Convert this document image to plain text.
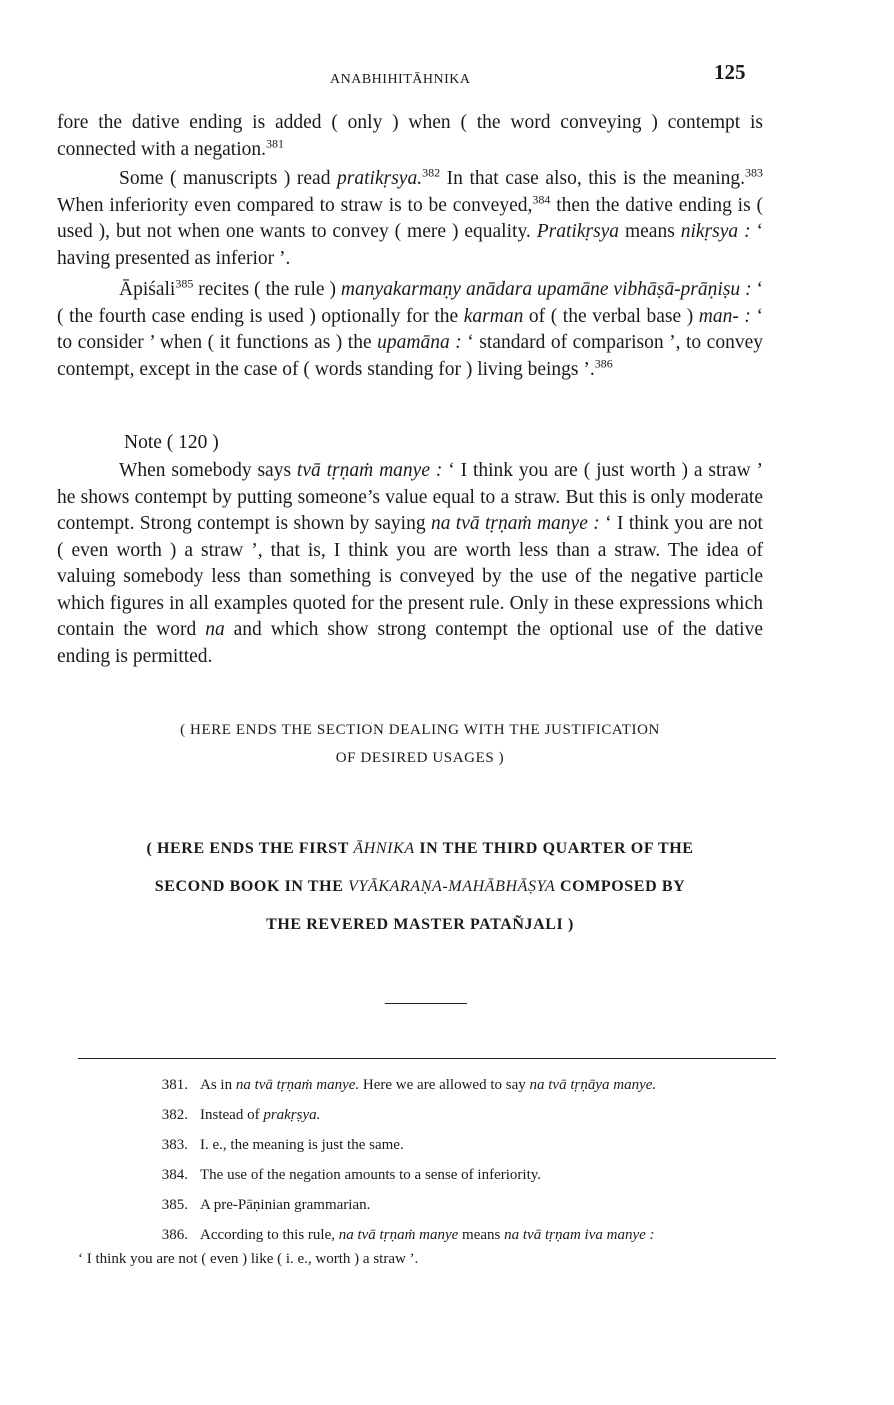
ANABHIHITĀHNIKA	125

fore the dative ending is added ( only ) when ( the word conveying ) contempt is connected with a negation.$^{381}$

Some ( manuscripts ) read pratikṛsya.$^{382}$ In that case also, this is the meaning.$^{383}$ When inferiority even compared to straw is to be conveyed,$^{384}$ then the dative ending is ( used ), but not when one wants to convey ( mere ) equality. Pratikṛsya means nikṛsya : ‘ having presented as inferior ’.

Āpiśali$^{385}$ recites ( the rule ) manyakarmaṇy anādara upamāne vibhāṣā-prāṇiṣu : ‘ ( the fourth case ending is used ) optionally for the karman of ( the verbal base ) man- : ‘ to consider ’ when ( it functions as ) the upamāna : ‘ standard of comparison ’, to convey contempt, except in the case of ( words standing for ) living beings ’.$^{386}$

Note ( 120 )

When somebody says tvā tṛṇaṁ manye : ‘ I think you are ( just worth ) a straw ’ he shows contempt by putting someone’s value equal to a straw. But this is only moderate contempt. Strong contempt is shown by saying na tvā tṛṇaṁ manye : ‘ I think you are not ( even worth ) a straw ’, that is, I think you are worth less than a straw. The idea of valuing somebody less than something is conveyed by the use of the negative particle which figures in all examples quoted for the present rule. Only in these expressions which contain the word na and which show strong contempt the optional use of the dative ending is permitted.

( HERE ENDS THE SECTION DEALING WITH THE JUSTIFICATION
OF DESIRED USAGES )
( HERE ENDS THE FIRST ĀHNIKA IN THE THIRD QUARTER OF THE
SECOND BOOK IN THE VYĀKARAṆA-MAHĀBHĀṢYA COMPOSED BY
THE REVERED MASTER PATAÑJALI )
381. As in na tvā tṛṇaṁ manye. Here we are allowed to say na tvā tṛṇāya manye.
382. Instead of prakṛṣya.
383. I. e., the meaning is just the same.
384. The use of the negation amounts to a sense of inferiority.
385. A pre-Pāṇinian grammarian.
386. According to this rule, na tvā tṛṇaṁ manye means na tvā tṛṇam iva manye :
‘ I think you are not ( even ) like ( i. e., worth ) a straw ’.
